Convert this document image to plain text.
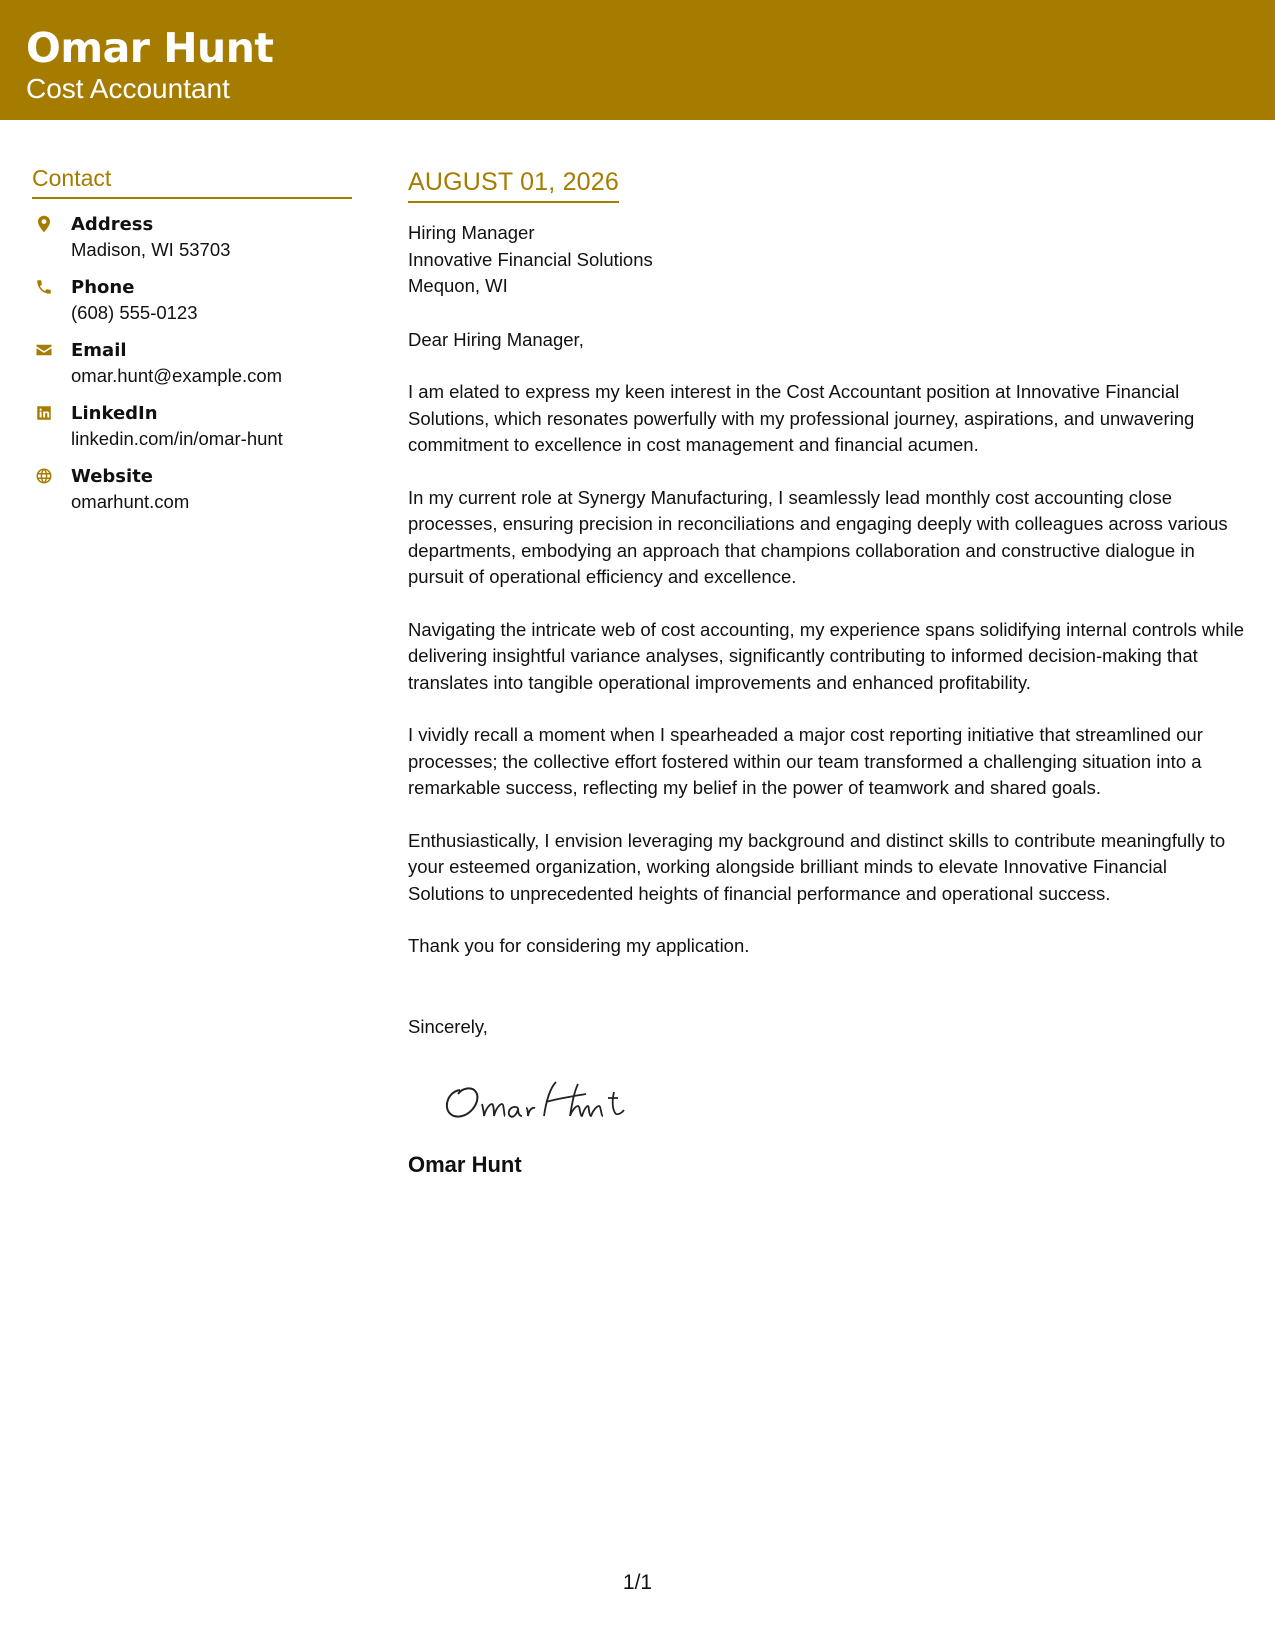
Omar Hunt
Cost Accountant
Contact
Address
Madison, WI 53703
Phone
(608) 555-0123
Email
omar.hunt@example.com
LinkedIn
linkedin.com/in/omar-hunt
Website
omarhunt.com
AUGUST 01, 2026
Hiring Manager
Innovative Financial Solutions
Mequon, WI
Dear Hiring Manager,
I am elated to express my keen interest in the Cost Accountant position at Innovative Financial Solutions, which resonates powerfully with my professional journey, aspirations, and unwavering commitment to excellence in cost management and financial acumen.
In my current role at Synergy Manufacturing, I seamlessly lead monthly cost accounting close processes, ensuring precision in reconciliations and engaging deeply with colleagues across various departments, embodying an approach that champions collaboration and constructive dialogue in pursuit of operational efficiency and excellence.
Navigating the intricate web of cost accounting, my experience spans solidifying internal controls while delivering insightful variance analyses, significantly contributing to informed decision-making that translates into tangible operational improvements and enhanced profitability.
I vividly recall a moment when I spearheaded a major cost reporting initiative that streamlined our processes; the collective effort fostered within our team transformed a challenging situation into a remarkable success, reflecting my belief in the power of teamwork and shared goals.
Enthusiastically, I envision leveraging my background and distinct skills to contribute meaningfully to your esteemed organization, working alongside brilliant minds to elevate Innovative Financial Solutions to unprecedented heights of financial performance and operational success.
Thank you for considering my application.
Sincerely,
Omar Hunt
1/1
